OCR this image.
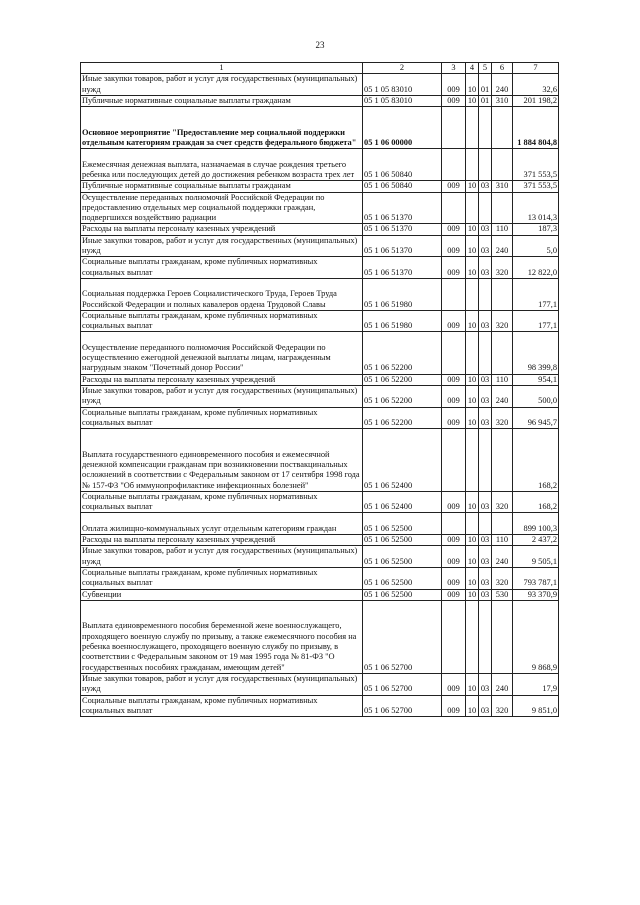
23
1	2	3	4	5	6	7
Иные закупки товаров, работ и услуг для государственных (муниципальных) нужд	05 1 05 83010	009	10	01	240	32,6
Публичные нормативные социальные выплаты гражданам	05 1 05 83010	009	10	01	310	201 198,2
Основное мероприятие "Предоставление мер социальной поддержки отдельным категориям граждан за счет средств федерального бюджета"	05 1 06 00000					1 884 804,8
Ежемесячная денежная выплата, назначаемая в случае рождения третьего ребенка или последующих детей до достижения ребенком возраста трех лет	05 1 06 50840					371 553,5
Публичные нормативные социальные выплаты гражданам	05 1 06 50840	009	10	03	310	371 553,5
Осуществление переданных полномочий Российской Федерации по предоставлению отдельных мер социальной поддержки граждан, подвергшихся воздействию радиации	05 1 06 51370					13 014,3
Расходы на выплаты персоналу казенных учреждений	05 1 06 51370	009	10	03	110	187,3
Иные закупки товаров, работ и услуг для государственных (муниципальных) нужд	05 1 06 51370	009	10	03	240	5,0
Социальные выплаты гражданам, кроме публичных нормативных социальных выплат	05 1 06 51370	009	10	03	320	12 822,0
Социальная поддержка Героев Социалистического Труда, Героев Труда Российской Федерации и полных кавалеров ордена Трудовой Славы	05 1 06 51980					177,1
Социальные выплаты гражданам, кроме публичных нормативных социальных выплат	05 1 06 51980	009	10	03	320	177,1
Осуществление переданного полномочия Российской Федерации по осуществлению ежегодной денежной выплаты лицам, награжденным нагрудным знаком "Почетный донор России"	05 1 06 52200					98 399,8
Расходы на выплаты персоналу казенных учреждений	05 1 06 52200	009	10	03	110	954,1
Иные закупки товаров, работ и услуг для государственных (муниципальных) нужд	05 1 06 52200	009	10	03	240	500,0
Социальные выплаты гражданам, кроме публичных нормативных социальных выплат	05 1 06 52200	009	10	03	320	96 945,7
Выплата государственного единовременного пособия и ежемесячной денежной компенсации гражданам при возникновении поствакцинальных осложнений в соответствии с Федеральным законом от 17 сентября 1998 года № 157-ФЗ "Об иммунопрофилактике инфекционных болезней"	05 1 06 52400					168,2
Социальные выплаты гражданам, кроме публичных нормативных социальных выплат	05 1 06 52400	009	10	03	320	168,2
Оплата жилищно-коммунальных услуг отдельным категориям граждан	05 1 06 52500					899 100,3
Расходы на выплаты персоналу казенных учреждений	05 1 06 52500	009	10	03	110	2 437,2
Иные закупки товаров, работ и услуг для государственных (муниципальных) нужд	05 1 06 52500	009	10	03	240	9 505,1
Социальные выплаты гражданам, кроме публичных нормативных социальных выплат	05 1 06 52500	009	10	03	320	793 787,1
Субвенции	05 1 06 52500	009	10	03	530	93 370,9
Выплата единовременного пособия беременной жене военнослужащего, проходящего военную службу по призыву, а также ежемесячного пособия на ребенка военнослужащего, проходящего военную службу по призыву, в соответствии с Федеральным законом от 19 мая 1995 года № 81-ФЗ "О государственных пособиях гражданам, имеющим детей"	05 1 06 52700					9 868,9
Иные закупки товаров, работ и услуг для государственных (муниципальных) нужд	05 1 06 52700	009	10	03	240	17,9
Социальные выплаты гражданам, кроме публичных нормативных социальных выплат	05 1 06 52700	009	10	03	320	9 851,0
